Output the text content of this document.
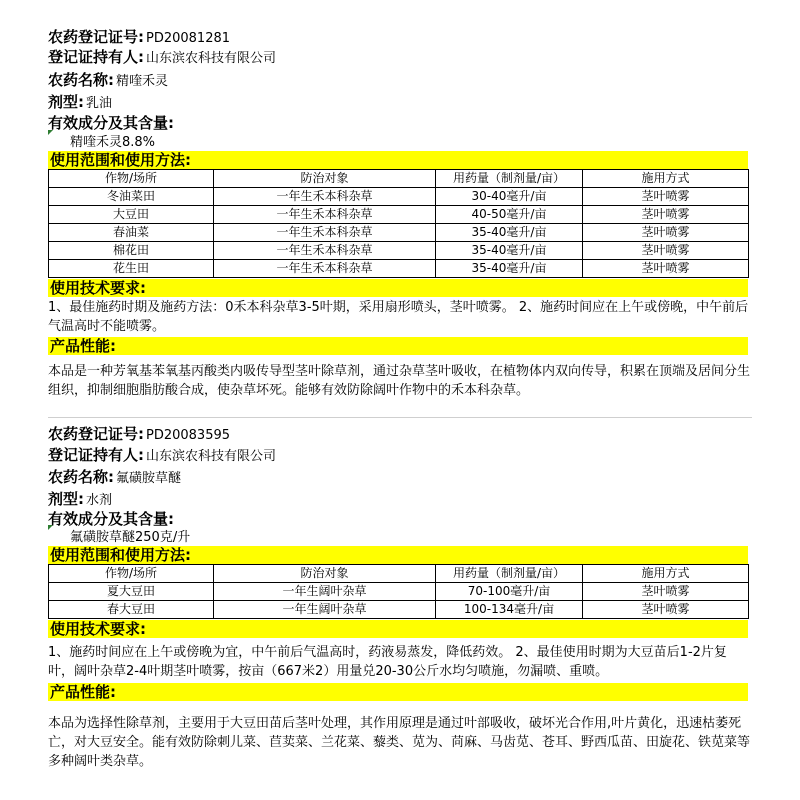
农药登记证号: PD20081281
登记证持有人: 山东滨农科技有限公司
农药名称: 精喹禾灵
剂型: 乳油
有效成分及其含量:
精喹禾灵8.8%
使用范围和使用方法:
作物/场所	防治对象	用药量（制剂量/亩）	施用方式
冬油菜田	一年生禾本科杂草	30-40毫升/亩	茎叶喷雾
大豆田	一年生禾本科杂草	40-50毫升/亩	茎叶喷雾
春油菜	一年生禾本科杂草	35-40毫升/亩	茎叶喷雾
棉花田	一年生禾本科杂草	35-40毫升/亩	茎叶喷雾
花生田	一年生禾本科杂草	35-40毫升/亩	茎叶喷雾
使用技术要求:
1、最佳施药时期及施药方法：0禾本科杂草3-5叶期，采用扇形喷头，茎叶喷雾。 2、施药时间应在上午或傍晚，中午前后气温高时不能喷雾。
产品性能:
本品是一种芳氧基苯氧基丙酸类内吸传导型茎叶除草剂，通过杂草茎叶吸收，在植物体内双向传导，积累在顶端及居间分生组织，抑制细胞脂肪酸合成，使杂草坏死。能够有效防除阔叶作物中的禾本科杂草。
农药登记证号: PD20083595
登记证持有人: 山东滨农科技有限公司
农药名称: 氟磺胺草醚
剂型: 水剂
有效成分及其含量:
氟磺胺草醚250克/升
使用范围和使用方法:
作物/场所	防治对象	用药量（制剂量/亩）	施用方式
夏大豆田	一年生阔叶杂草	70-100毫升/亩	茎叶喷雾
春大豆田	一年生阔叶杂草	100-134毫升/亩	茎叶喷雾
使用技术要求:
1、施药时间应在上午或傍晚为宜，中午前后气温高时，药液易蒸发，降低药效。 2、最佳使用时期为大豆苗后1-2片复叶，阔叶杂草2-4叶期茎叶喷雾，按亩（667米2）用量兑20-30公斤水均匀喷施，勿漏喷、重喷。
产品性能:
本品为选择性除草剂，主要用于大豆田苗后茎叶处理，其作用原理是通过叶部吸收，破坏光合作用,叶片黄化，迅速枯萎死亡，对大豆安全。能有效防除刺儿菜、苣荬菜、兰花菜、藜类、苋为、苘麻、马齿苋、苍耳、野西瓜苗、田旋花、铁苋菜等多种阔叶类杂草。
